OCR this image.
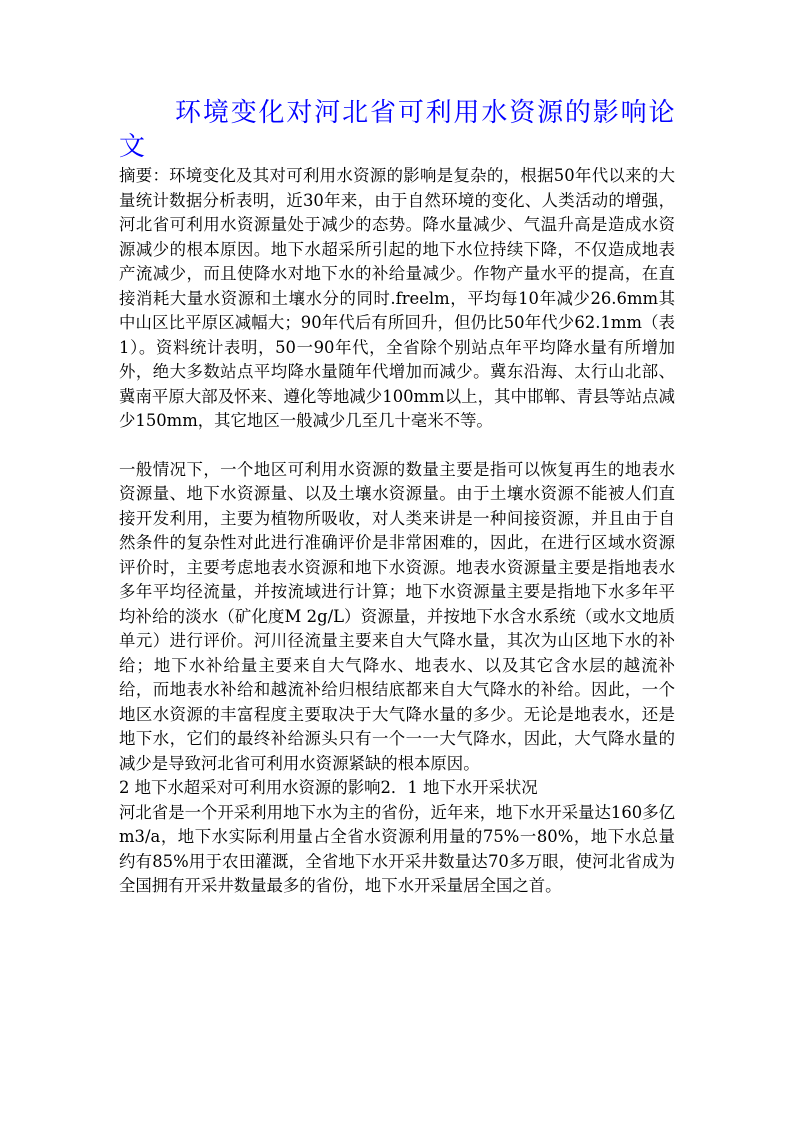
环境变化对河北省可利用水资源的影响论文

摘要：环境变化及其对可利用水资源的影响是复杂的，根据50年代以来的大量统计数据分析表明，近30年来，由于自然环境的变化、人类活动的增强，河北省可利用水资源量处于减少的态势。降水量减少、气温升高是造成水资源减少的根本原因。地下水超采所引起的地下水位持续下降，不仅造成地表产流减少，而且使降水对地下水的补给量减少。作物产量水平的提高，在直接消耗大量水资源和土壤水分的同时.freelm，平均每10年减少26.6mm其中山区比平原区减幅大；90年代后有所回升，但仍比50年代少62.1mm（表1）。资料统计表明，50一90年代，全省除个别站点年平均降水量有所增加外，绝大多数站点平均降水量随年代增加而减少。冀东沿海、太行山北部、冀南平原大部及怀来、遵化等地减少100mm以上，其中邯郸、青县等站点减少150mm，其它地区一般减少几至几十毫米不等。

一般情况下，一个地区可利用水资源的数量主要是指可以恢复再生的地表水资源量、地下水资源量、以及土壤水资源量。由于土壤水资源不能被人们直接开发利用，主要为植物所吸收，对人类来讲是一种间接资源，并且由于自然条件的复杂性对此进行准确评价是非常困难的，因此，在进行区域水资源评价时，主要考虑地表水资源和地下水资源。地表水资源量主要是指地表水多年平均径流量，并按流域进行计算；地下水资源量主要是指地下水多年平均补给的淡水（矿化度M 2g/L）资源量，并按地下水含水系统（或水文地质单元）进行评价。河川径流量主要来自大气降水量，其次为山区地下水的补给；地下水补给量主要来自大气降水、地表水、以及其它含水层的越流补给，而地表水补给和越流补给归根结底都来自大气降水的补给。因此，一个地区水资源的丰富程度主要取决于大气降水量的多少。无论是地表水，还是地下水，它们的最终补给源头只有一个一一大气降水，因此，大气降水量的减少是导致河北省可利用水资源紧缺的根本原因。

2 地下水超采对可利用水资源的影响2．1 地下水开采状况

河北省是一个开采利用地下水为主的省份，近年来，地下水开采量达160多亿m3/a，地下水实际利用量占全省水资源利用量的75%一80%，地下水总量约有85%用于农田灌溉，全省地下水开采井数量达70多万眼，使河北省成为全国拥有开采井数量最多的省份，地下水开采量居全国之首。
